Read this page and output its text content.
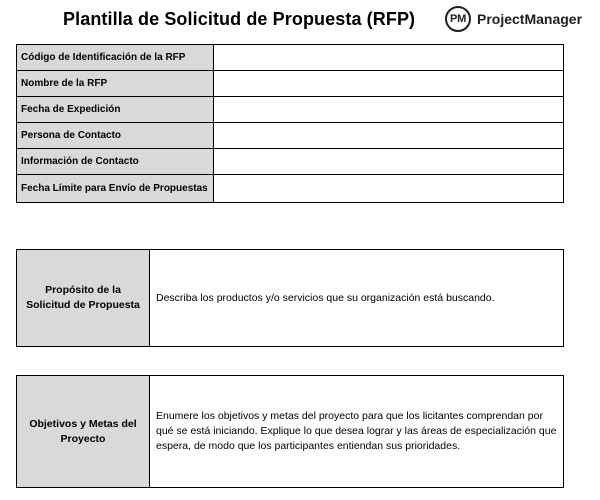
Plantilla de Solicitud de Propuesta (RFP)	PM ProjectManager
Código de Identificación de la RFP	
Nombre de la RFP	
Fecha de Expedición	
Persona de Contacto	
Información de Contacto	
Fecha Límite para Envío de Propuestas	
Propósito de la Solicitud de Propuesta	Describa los productos y/o servicios que su organización está buscando.
Objetivos y Metas del Proyecto	Enumere los objetivos y metas del proyecto para que los licitantes comprendan por qué se está iniciando. Explique lo que desea lograr y las áreas de especialización que espera, de modo que los participantes entiendan sus prioridades.
